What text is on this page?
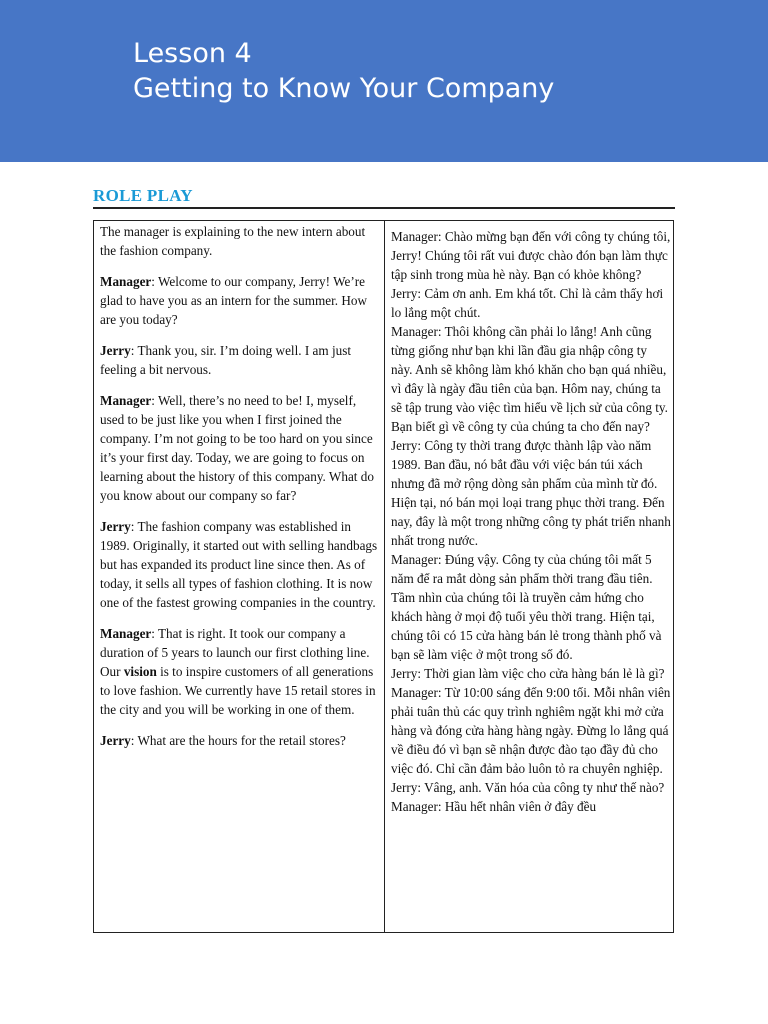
Lesson 4
Getting to Know Your Company
ROLE PLAY

The manager is explaining to the new intern about the fashion company.

Manager: Welcome to our company, Jerry! We’re glad to have you as an intern for the summer. How are you today?

Jerry: Thank you, sir. I’m doing well. I am just feeling a bit nervous.

Manager: Well, there’s no need to be! I, myself, used to be just like you when I first joined the company. I’m not going to be too hard on you since it’s your first day. Today, we are going to focus on learning about the history of this company. What do you know about our company so far?

Jerry: The fashion company was established in 1989. Originally, it started out with selling handbags but has expanded its product line since then. As of today, it sells all types of fashion clothing. It is now one of the fastest growing companies in the country.

Manager: That is right. It took our company a duration of 5 years to launch our first clothing line. Our vision is to inspire customers of all generations to love fashion. We currently have 15 retail stores in the city and you will be working in one of them.

Jerry: What are the hours for the retail stores?

Manager: Chào mừng bạn đến với công ty chúng tôi, Jerry! Chúng tôi rất vui được chào đón bạn làm thực tập sinh trong mùa hè này. Bạn có khỏe không?

Jerry: Cảm ơn anh. Em khá tốt. Chỉ là cảm thấy hơi lo lắng một chút.

Manager: Thôi không cần phải lo lắng! Anh cũng từng giống như bạn khi lần đầu gia nhập công ty này. Anh sẽ không làm khó khăn cho bạn quá nhiều, vì đây là ngày đầu tiên của bạn. Hôm nay, chúng ta sẽ tập trung vào việc tìm hiểu về lịch sử của công ty. Bạn biết gì về công ty của chúng ta cho đến nay?

Jerry: Công ty thời trang được thành lập vào năm 1989. Ban đầu, nó bắt đầu với việc bán túi xách nhưng đã mở rộng dòng sản phẩm của mình từ đó. Hiện tại, nó bán mọi loại trang phục thời trang. Đến nay, đây là một trong những công ty phát triển nhanh nhất trong nước.

Manager: Đúng vậy. Công ty của chúng tôi mất 5 năm để ra mắt dòng sản phẩm thời trang đầu tiên. Tầm nhìn của chúng tôi là truyền cảm hứng cho khách hàng ở mọi độ tuổi yêu thời trang. Hiện tại, chúng tôi có 15 cửa hàng bán lẻ trong thành phố và bạn sẽ làm việc ở một trong số đó.

Jerry: Thời gian làm việc cho cửa hàng bán lẻ là gì?

Manager: Từ 10:00 sáng đến 9:00 tối. Mỗi nhân viên phải tuân thủ các quy trình nghiêm ngặt khi mở cửa hàng và đóng cửa hàng hàng ngày. Đừng lo lắng quá về điều đó vì bạn sẽ nhận được đào tạo đầy đủ cho việc đó. Chỉ cần đảm bảo luôn tỏ ra chuyên nghiệp.

Jerry: Vâng, anh. Văn hóa của công ty như thế nào?

Manager: Hầu hết nhân viên ở đây đều
